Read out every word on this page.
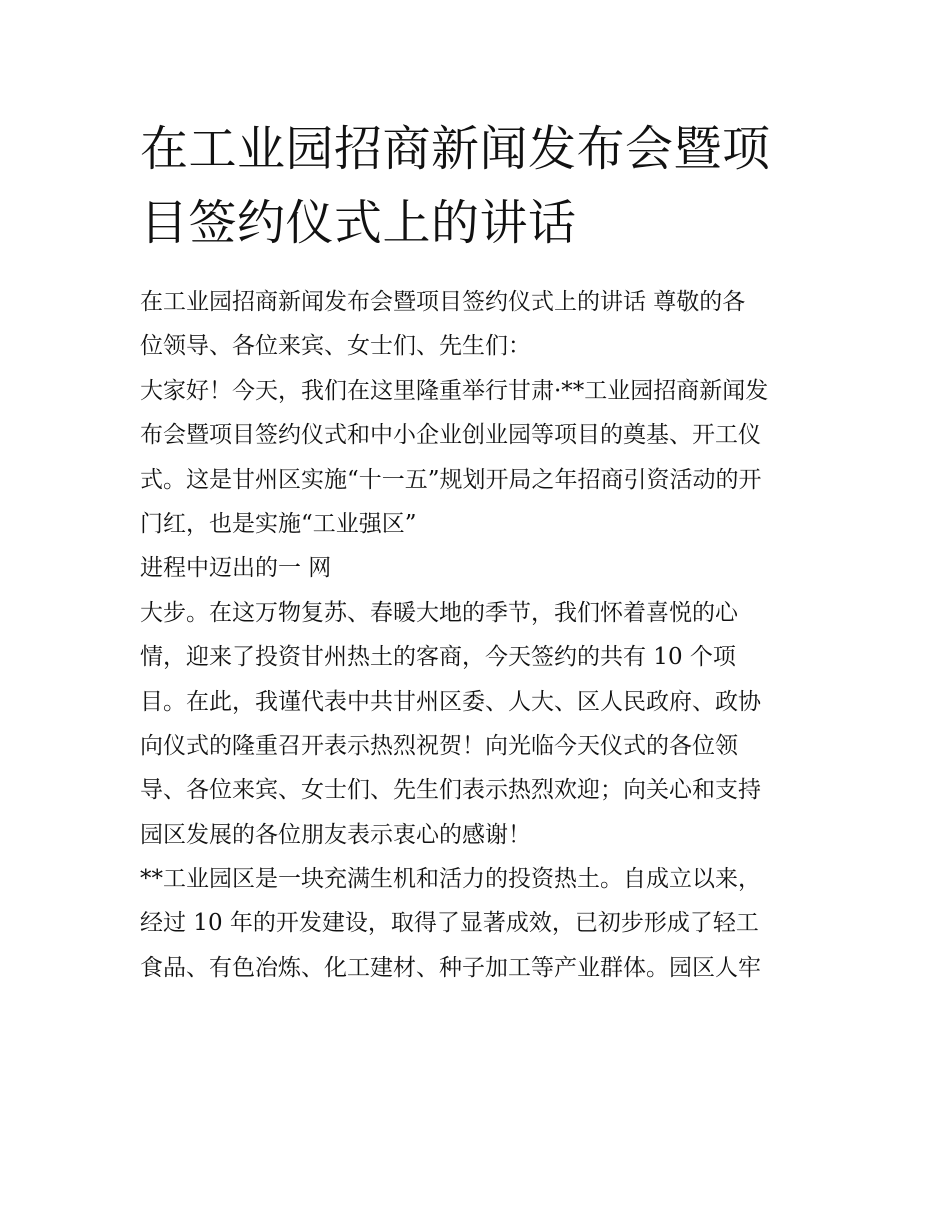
在工业园招商新闻发布会暨项
目签约仪式上的讲话
在工业园招商新闻发布会暨项目签约仪式上的讲话 尊敬的各
位领导、各位来宾、女士们、先生们：
大家好！今天，我们在这里隆重举行甘肃·**工业园招商新闻发
布会暨项目签约仪式和中小企业创业园等项目的奠基、开工仪
式。这是甘州区实施“十一五”规划开局之年招商引资活动的开
门红，也是实施“工业强区”
进程中迈出的一 网
大步。在这万物复苏、春暖大地的季节，我们怀着喜悦的心
情，迎来了投资甘州热土的客商，今天签约的共有 10 个项
目。在此，我谨代表中共甘州区委、人大、区人民政府、政协
向仪式的隆重召开表示热烈祝贺！向光临今天仪式的各位领
导、各位来宾、女士们、先生们表示热烈欢迎；向关心和支持
园区发展的各位朋友表示衷心的感谢！
**工业园区是一块充满生机和活力的投资热土。自成立以来，
经过 10 年的开发建设，取得了显著成效，已初步形成了轻工
食品、有色冶炼、化工建材、种子加工等产业群体。园区人牢
